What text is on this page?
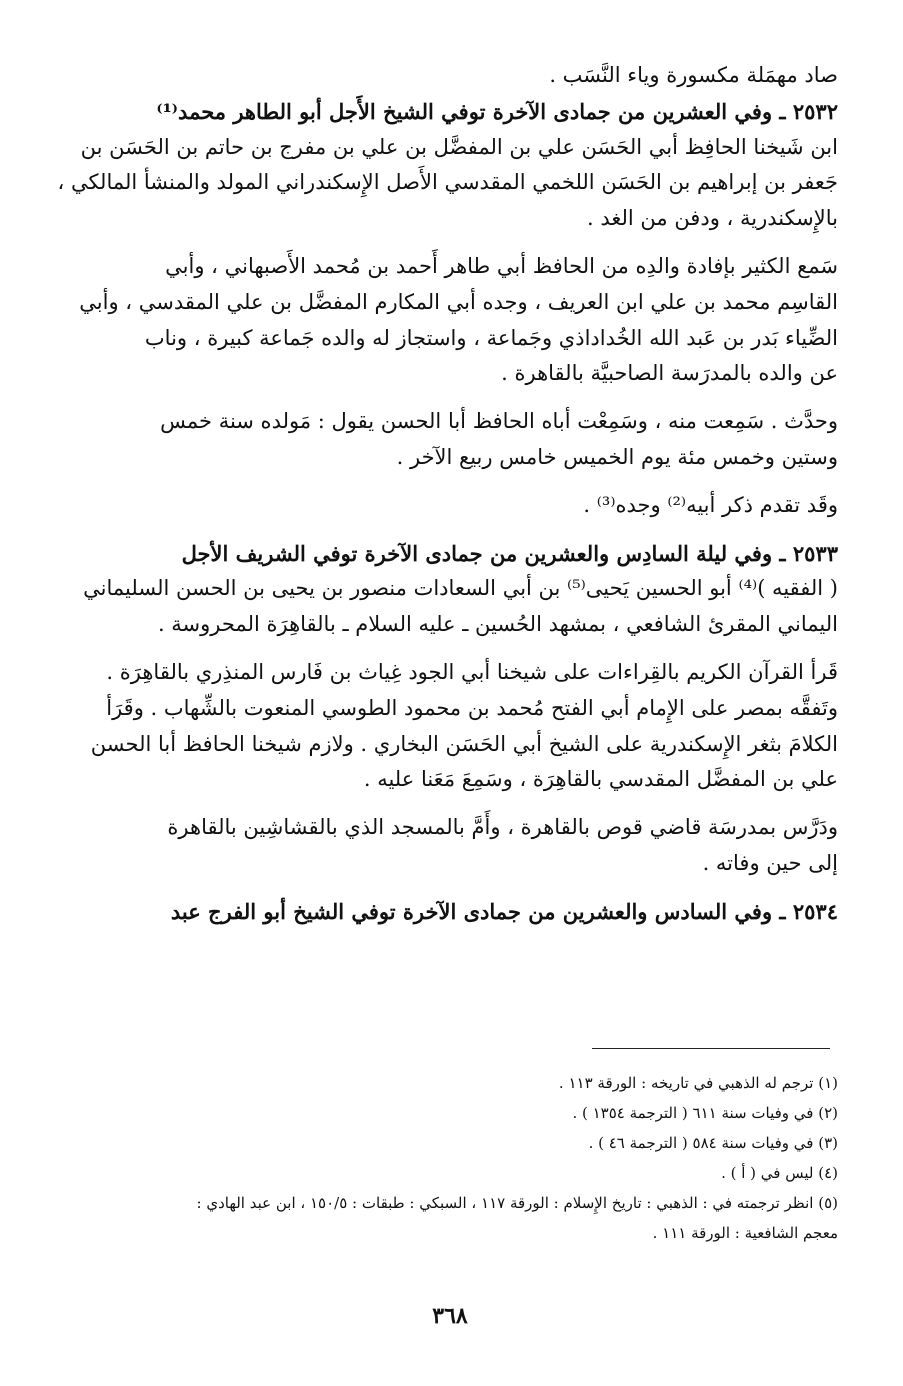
صاد مهمَلة مكسورة وياء النَّسَب .
٢٥٣٢ ـ وفي العشرين من جمادى الآخرة توفي الشيخ الأَجل أبو الطاهر محمد⁽¹⁾
ابن شَيخنا الحافِظ أبي الحَسَن علي بن المفضَّل بن علي بن مفرج بن حاتم بن الحَسَن بن
جَعفر بن إبراهيم بن الحَسَن اللخمي المقدسي الأَصل الإِسكندراني المولد والمنشأ المالكي ،
بالإِسكندرية ، ودفن من الغد .
سَمع الكثير بإفادة والدِه من الحافظ أبي طاهر أَحمد بن مُحمد الأَصبهاني ، وأبي
القاسِم محمد بن علي ابن العريف ، وجده أبي المكارم المفضَّل بن علي المقدسي ، وأبي
الضِّياء بَدر بن عَبد الله الخُداداذي وجَماعة ، واستجاز له والده جَماعة كبيرة ، وناب
عن والده بالمدرَسة الصاحبيَّة بالقاهرة .
وحدَّث . سَمِعت منه ، وسَمِعْت أباه الحافظ أبا الحسن يقول : مَولده سنة خمس
وستين وخمس مئة يوم الخميس خامس ربيع الآخر .
وقَد تقدم ذكر أبيه⁽²⁾ وجده⁽³⁾ .
٢٥٣٣ ـ وفي ليلة السادِس والعشرين من جمادى الآخرة توفي الشريف الأجل
( الفقيه )⁽⁴⁾ أبو الحسين يَحيى⁽⁵⁾ بن أبي السعادات منصور بن يحيى بن الحسن السليماني
اليماني المقرئ الشافعي ، بمشهد الحُسين ـ عليه السلام ـ بالقاهِرَة المحروسة .
قَرأ القرآن الكريم بالقِراءات على شيخنا أبي الجود غِياث بن فَارس المنذِري بالقاهِرَة .
وتَفقَّه بمصر على الإِمام أبي الفتح مُحمد بن محمود الطوسي المنعوت بالشِّهاب . وقَرَأ
الكلامَ بثغر الإِسكندرية على الشيخ أبي الحَسَن البخاري . ولازم شيخنا الحافظ أبا الحسن
علي بن المفضَّل المقدسي بالقاهِرَة ، وسَمِعَ مَعَنا عليه .
ودَرَّس بمدرسَة قاضي قوص بالقاهرة ، وأَمَّ بالمسجد الذي بالقشاشِين بالقاهرة
إلى حين وفاته .
٢٥٣٤ ـ وفي السادس والعشرين من جمادى الآخرة توفي الشيخ أبو الفرج عبد
(١) ترجم له الذهبي في تاريخه : الورقة ١١٣ .
(٢) في وفيات سنة ٦١١ ( الترجمة ١٣٥٤ ) .
(٣) في وفيات سنة ٥٨٤ ( الترجمة ٤٦ ) .
(٤) ليس في ( أ ) .
(٥) انظر ترجمته في : الذهبي : تاريخ الإِسلام : الورقة ١١٧ ، السبكي : طبقات : ١٥٠/٥ ، ابن عبد الهادي :
معجم الشافعية : الورقة ١١١ .
٣٦٨
